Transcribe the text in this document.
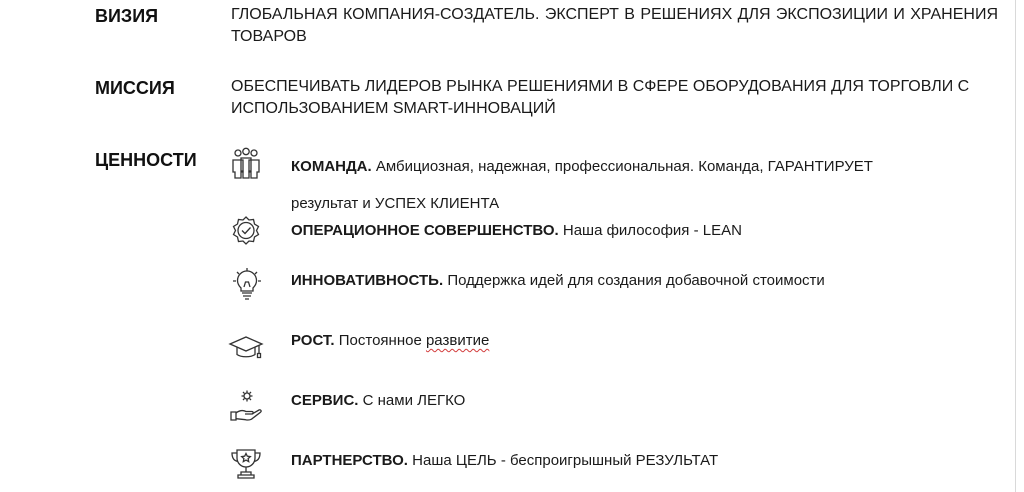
ВИЗИЯ	ГЛОБАЛЬНАЯ КОМПАНИЯ-СОЗДАТЕЛЬ. ЭКСПЕРТ В РЕШЕНИЯХ ДЛЯ ЭКСПОЗИЦИИ И ХРАНЕНИЯ ТОВАРОВ
МИССИЯ	ОБЕСПЕЧИВАТЬ ЛИДЕРОВ РЫНКА РЕШЕНИЯМИ В СФЕРЕ ОБОРУДОВАНИЯ ДЛЯ ТОРГОВЛИ С ИСПОЛЬЗОВАНИЕМ SMART-ИННОВАЦИЙ
ЦЕННОСТИ	КОМАНДА. Амбициозная, надежная, профессиональная. Команда, ГАРАНТИРУЕТ
результат и УСПЕХ КЛИЕНТА
ОПЕРАЦИОННОЕ СОВЕРШЕНСТВО. Наша философия - LEAN
ИННОВАТИВНОСТЬ. Поддержка идей для создания добавочной стоимости
РОСТ. Постоянное развитие
СЕРВИС. С нами ЛЕГКО
ПАРТНЕРСТВО. Наша ЦЕЛЬ - беспроигрышный РЕЗУЛЬТАТ
